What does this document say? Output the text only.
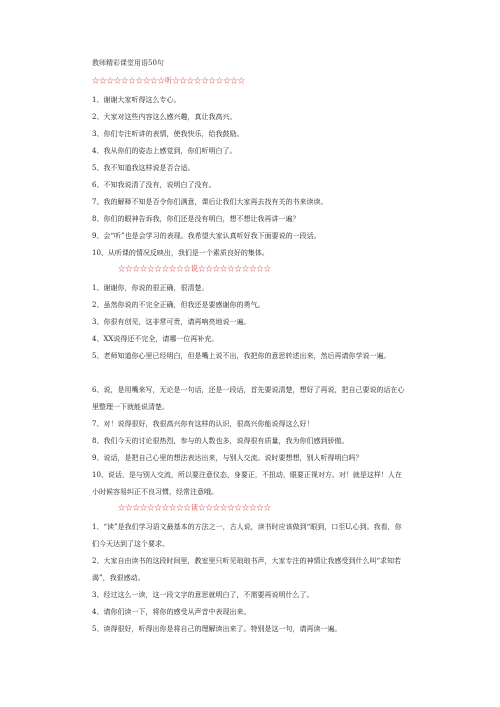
教师精彩课堂用语50句
☆☆☆☆☆☆☆☆☆☆听☆☆☆☆☆☆☆☆☆☆
1、谢谢大家听得这么专心。
2、大家对这些内容这么感兴趣，真让我高兴。
3、你们专注听讲的表情，使我快乐，给我鼓励。
4、我从你们的姿态上感觉到，你们听明白了。
5、我不知道我这样说是否合适。
6、不知我说清了没有，说明白了没有。
7、我的解释不知是否令你们满意，课后让我们大家再去找有关的书来读读。
8、你们的眼神告诉我，你们还是没有明白，想不想让我再讲一遍？
9、会“听”也是会学习的表现。我希望大家认真听好我下面要说的一段话。
10、从听课的情况反映出，我们是一个素质良好的集体。
☆☆☆☆☆☆☆☆☆☆说☆☆☆☆☆☆☆☆☆☆
1、谢谢你，你说的很正确，很清楚。
2、虽然你说的不完全正确，但我还是要感谢你的勇气。
3、你很有创见，这非常可贵，请再响亮地说一遍。
4、XX说得还不完全，请哪一位再补充。
5、老师知道你心里已经明白，但是嘴上说不出，我把你的意思转述出来，然后再请你学说一遍。
6、说，是用嘴来写，无论是一句话，还是一段话，首先要说清楚，想好了再说，把自己要说的话在心里整理一下就能说清楚。
7、对！说得很好，我很高兴你有这样的认识，很高兴你能说得这么好！
8、我们今天的讨论很热烈，参与的人数也多，说得很有质量，我为你们感到骄傲。
9、说话，是把自己心里的想法表达出来，与别人交流。说时要想想，别人听得明白吗？
10、说话，是与别人交流，所以要注意仪态，身要正，不扭动，眼要正视对方。对！就是这样！人在小时候容易纠正不良习惯，经常注意哦。
☆☆☆☆☆☆☆☆☆☆读☆☆☆☆☆☆☆☆☆☆
1、“读”是我们学习语文最基本的方法之一，古人说，读书时应该做到“眼到，口至U,心到。我看，你们今天达到了这个要求。
2、大家自由读书的这段时间里，教室里只听见琅琅书声，大家专注的神情让我感受到什么叫“求知若渴”，我很感动。
3、经过这么一读，这一段文字的意思就明白了，不需要再说明什么了。
4、请你们读一下，将你的感受从声音中表现出来。
5、读得很好，听得出你是将自己的理解读出来了。特别是这一句，请再读一遍。
